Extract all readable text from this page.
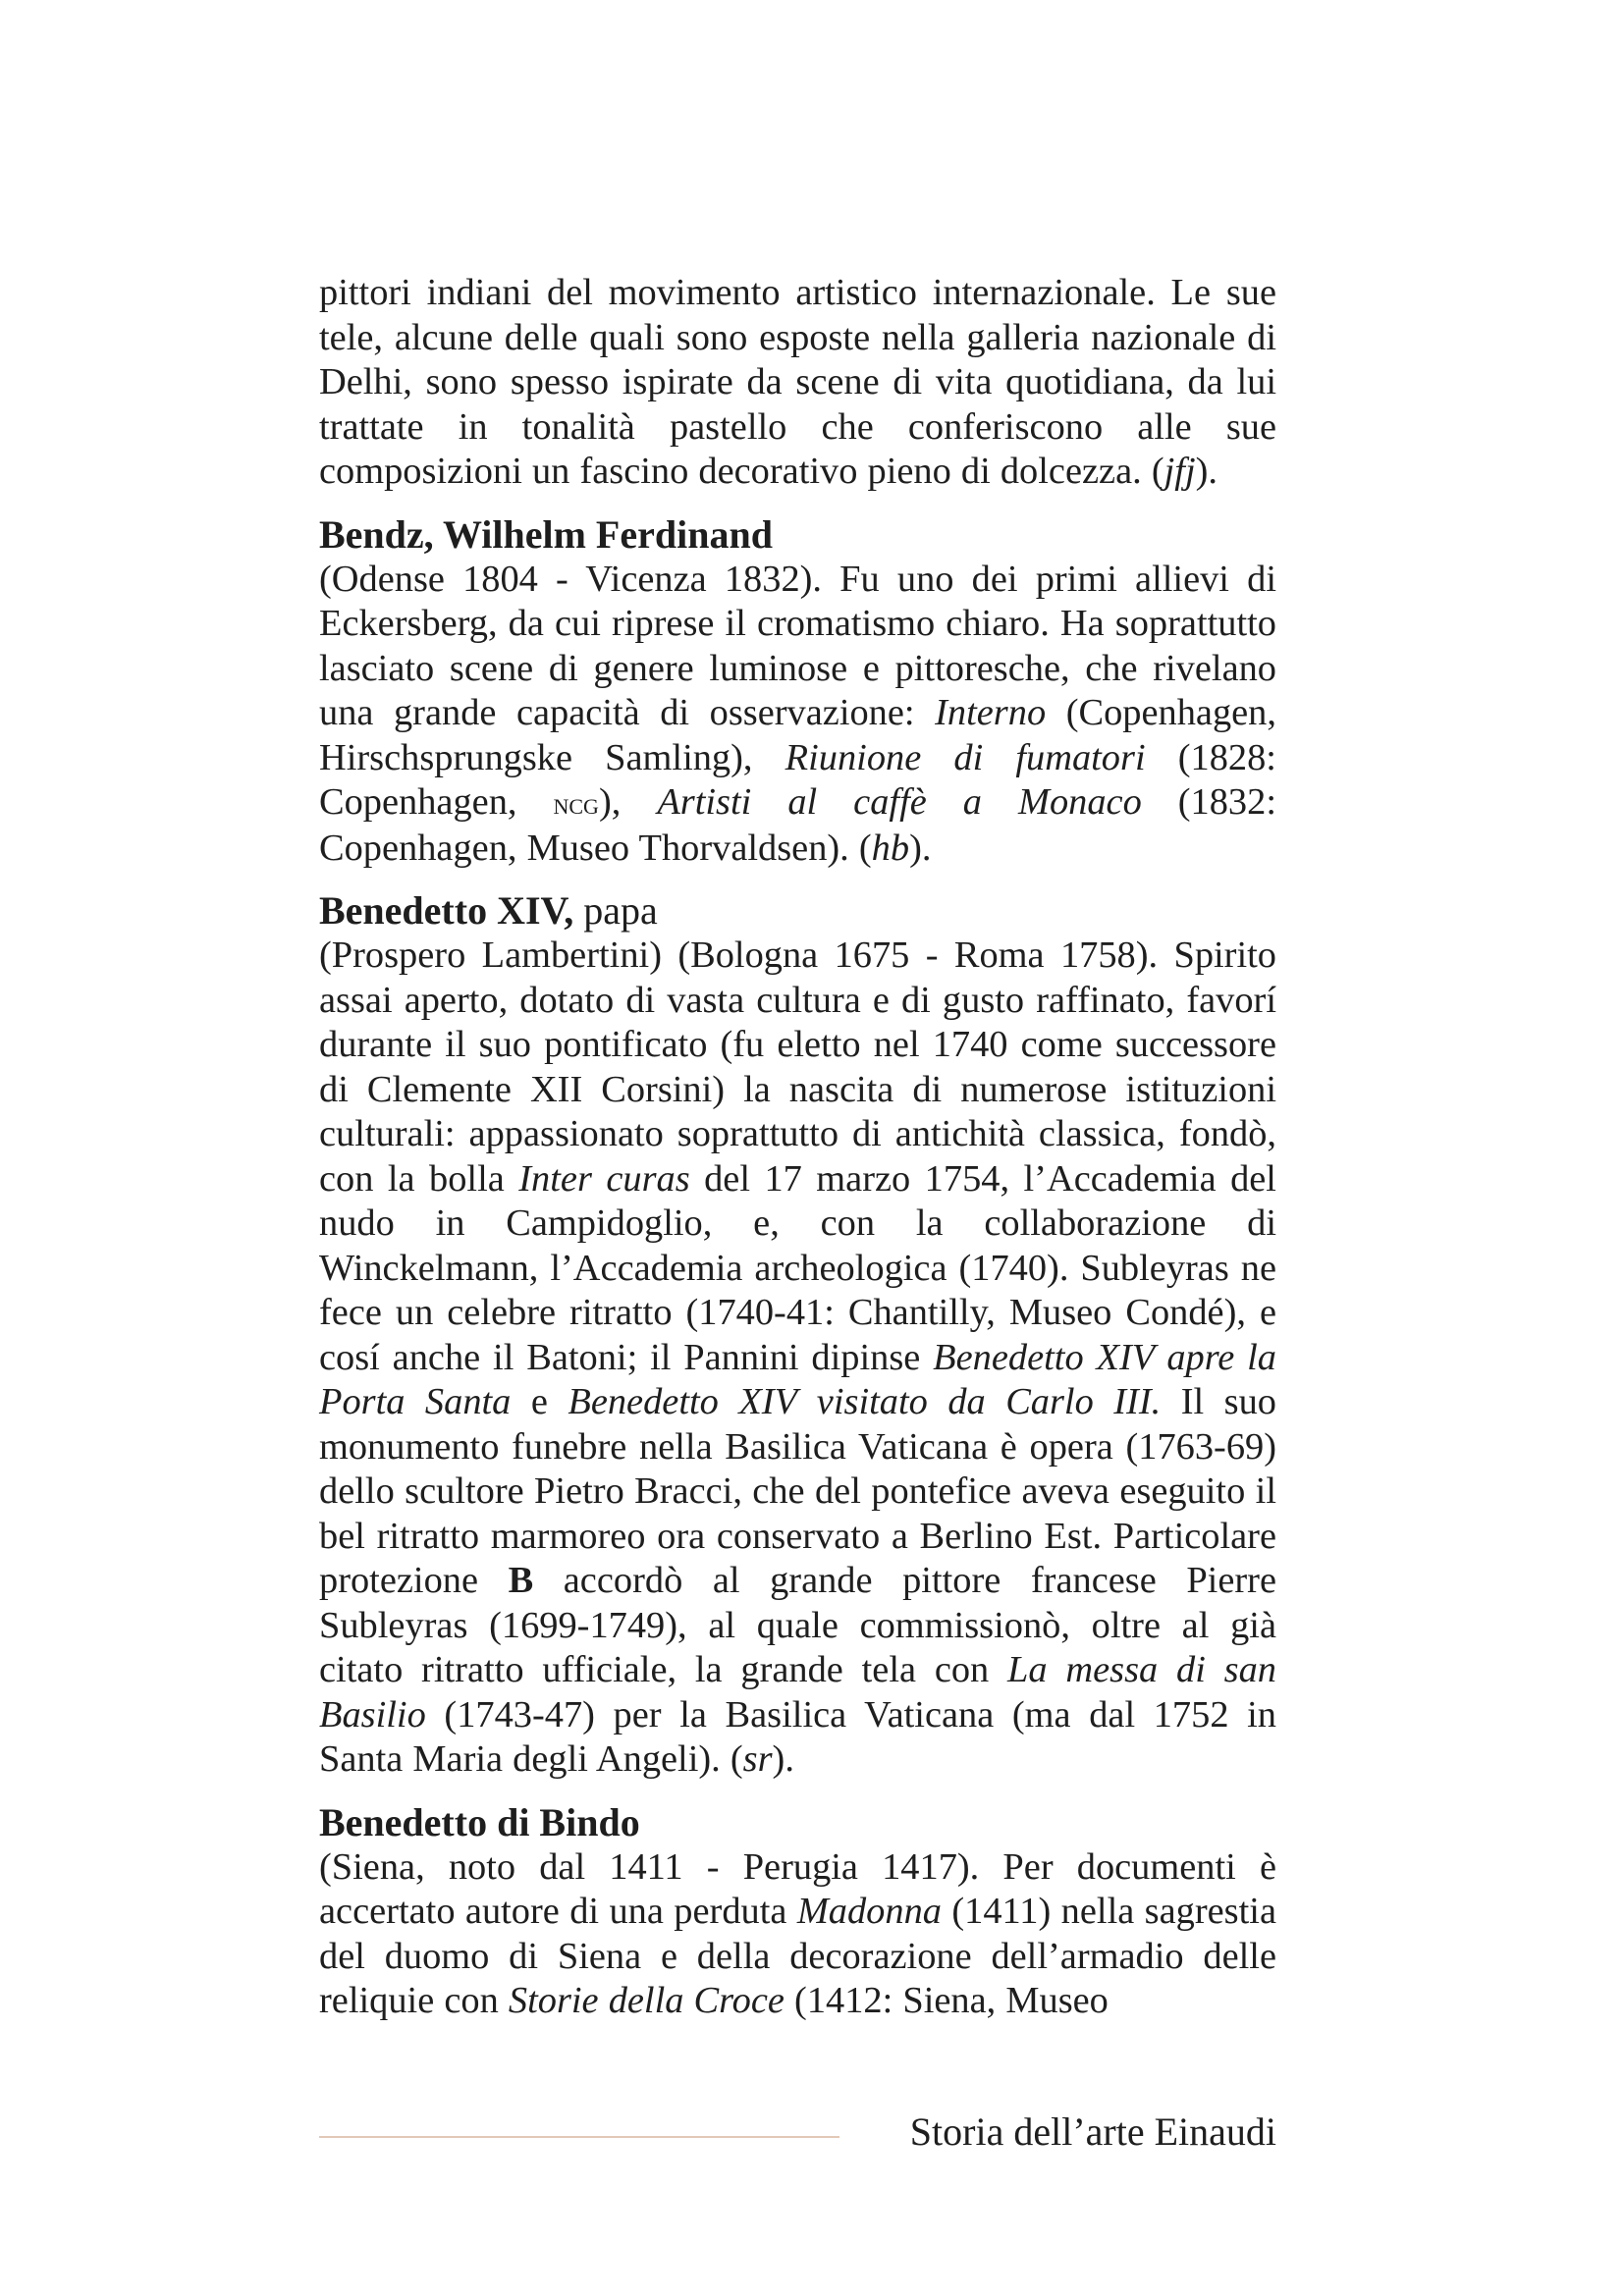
pittori indiani del movimento artistico internazionale. Le sue tele, alcune delle quali sono esposte nella galleria nazionale di Delhi, sono spesso ispirate da scene di vita quotidiana, da lui trattate in tonalità pastello che conferiscono alle sue composizioni un fascino decorativo pieno di dolcezza. (jfj).

Bendz, Wilhelm Ferdinand

(Odense 1804 - Vicenza 1832). Fu uno dei primi allievi di Eckersberg, da cui riprese il cromatismo chiaro. Ha soprattutto lasciato scene di genere luminose e pittoresche, che rivelano una grande capacità di osservazione: Interno (Copenhagen, Hirschsprungske Samling), Riunione di fumatori (1828: Copenhagen, ncg), Artisti al caffè a Monaco (1832: Copenhagen, Museo Thorvaldsen). (hb).

Benedetto XIV, papa

(Prospero Lambertini) (Bologna 1675 - Roma 1758). Spirito assai aperto, dotato di vasta cultura e di gusto raffinato, favorí durante il suo pontificato (fu eletto nel 1740 come successore di Clemente XII Corsini) la nascita di numerose istituzioni culturali: appassionato soprattutto di antichità classica, fondò, con la bolla Inter curas del 17 marzo 1754, l’Accademia del nudo in Campidoglio, e, con la collaborazione di Winckelmann, l’Accademia archeologica (1740). Subleyras ne fece un celebre ritratto (1740-41: Chantilly, Museo Condé), e cosí anche il Batoni; il Pannini dipinse Benedetto XIV apre la Porta Santa e Benedetto XIV visitato da Carlo III. Il suo monumento funebre nella Basilica Vaticana è opera (1763-69) dello scultore Pietro Bracci, che del pontefice aveva eseguito il bel ritratto marmoreo ora conservato a Berlino Est. Particolare protezione B accordò al grande pittore francese Pierre Subleyras (1699-1749), al quale commissionò, oltre al già citato ritratto ufficiale, la grande tela con La messa di san Basilio (1743-47) per la Basilica Vaticana (ma dal 1752 in Santa Maria degli Angeli). (sr).

Benedetto di Bindo

(Siena, noto dal 1411 - Perugia 1417). Per documenti è accertato autore di una perduta Madonna (1411) nella sagrestia del duomo di Siena e della decorazione dell’armadio delle reliquie con Storie della Croce (1412: Siena, Museo

Storia dell’arte Einaudi
